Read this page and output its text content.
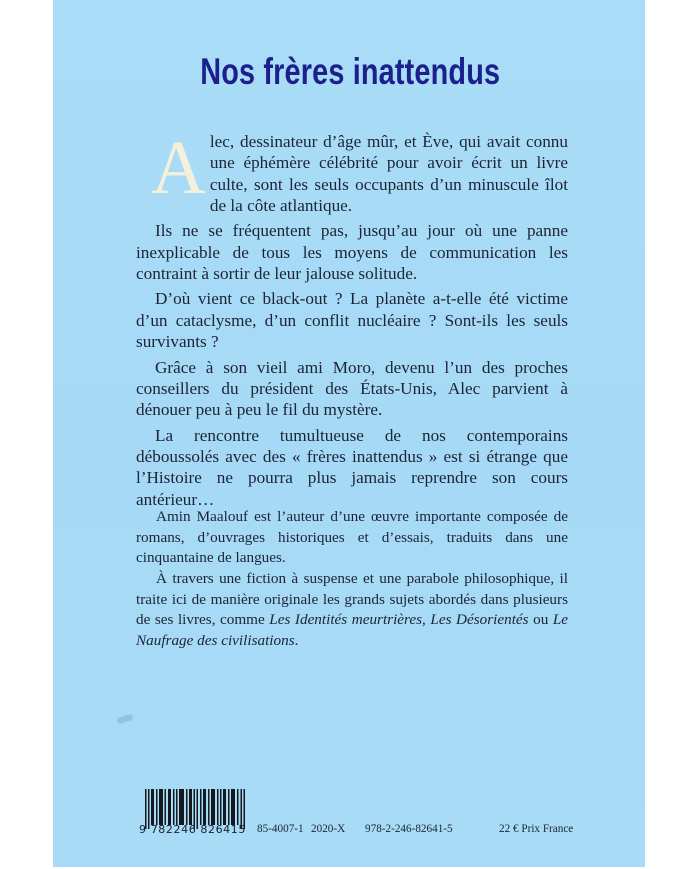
Nos frères inattendus

Alec, dessinateur d’âge mûr, et Ève, qui avait connu une éphémère célébrité pour avoir écrit un livre culte, sont les seuls occupants d’un minuscule îlot de la côte atlantique.

Ils ne se fréquentent pas, jusqu’au jour où une panne inexplicable de tous les moyens de communication les contraint à sortir de leur jalouse solitude.

D’où vient ce black-out ? La planète a-t-elle été victime d’un cataclysme, d’un conflit nucléaire ? Sont-ils les seuls survivants ?

Grâce à son vieil ami Moro, devenu l’un des proches conseillers du président des États-Unis, Alec parvient à dénouer peu à peu le fil du mystère.

La rencontre tumultueuse de nos contemporains déboussolés avec des « frères inattendus » est si étrange que l’Histoire ne pourra plus jamais reprendre son cours antérieur…

Amin Maalouf est l’auteur d’une œuvre importante composée de romans, d’ouvrages historiques et d’essais, traduits dans une cinquantaine de langues.

À travers une fiction à suspense et une parabole philosophique, il traite ici de manière originale les grands sujets abordés dans plusieurs de ses livres, comme Les Identités meurtrières, Les Désorientés ou Le Naufrage des civilisations.

9 782246 826415 85-4007-1 2020-X 978-2-246-82641-5	22 € Prix France
